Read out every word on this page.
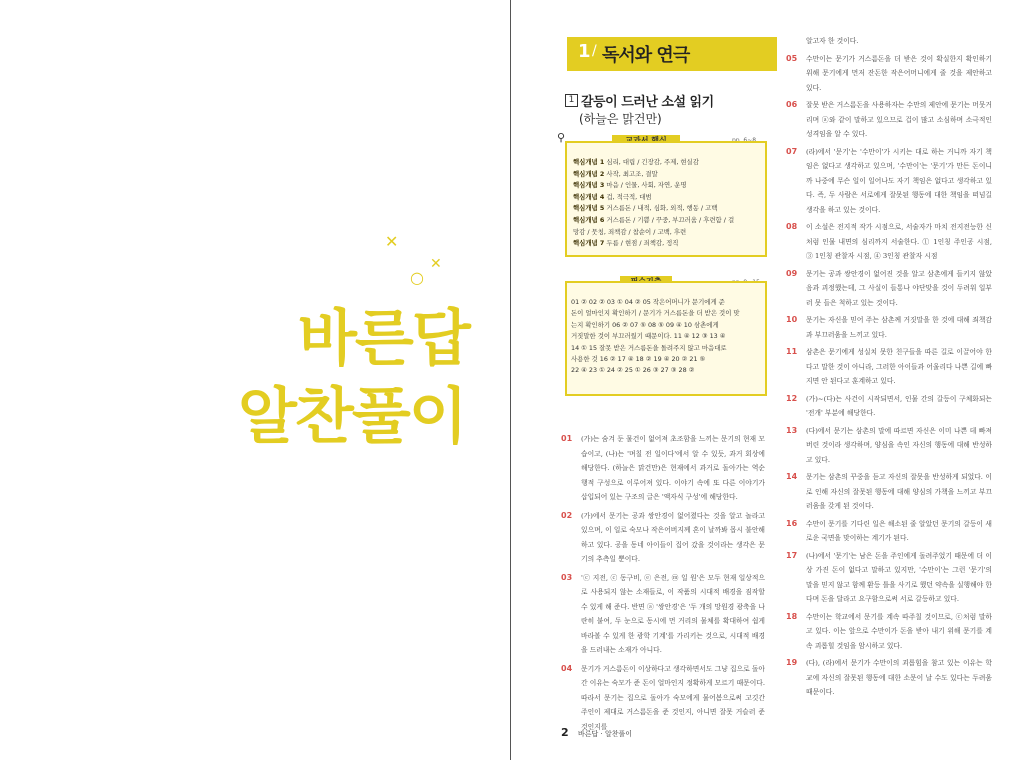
✕
✕
○
바른답
알찬풀이
1 / 독서와 연극
1 갈등이 드러난 소설 읽기
(하늘은 맑건만)
⚲
핵심개념 1 심리, 대립 / 긴장감, 주제, 현실감
핵심개념 2 사작, 최고조, 결말
핵심개념 3 마음 / 인물, 사회, 자연, 운명
핵심개념 4 겁, 적극적, 대범
핵심개념 5 거스름돈 / 내적, 심화, 외적, 행동 / 고백
핵심개념 6 거스름돈 / 기쁨 / 꾸중, 부끄러움 / 후련함 / 걸
망감 / 뭇칭, 죄책감 / 참순이 / 고백, 후련
핵심개념 7 두름 / 현점 / 죄책감, 정직
01 ② 02 ② 03 ① 04 ② 05 작은어머니가 문기에게 준
돈이 얼마인지 확인하기 / 문기가 거스름돈을 더 받은 것이 맞
는지 확인하기 06 ② 07 ⑤ 08 ⑤ 09 ④ 10 삼촌에게
거짓말한 것이 부끄러웠기 때문이다. 11 ④ 12 ③ 13 ④
14 ① 15 잘못 받은 거스름돈을 돌려주지 않고 마음대로
사용한 것 16 ② 17 ④ 18 ② 19 ④ 20 ② 21 ⑤
22 ④ 23 ① 24 ② 25 ① 26 ③ 27 ③ 28 ②
01 (가)는 숨겨 둔 물건이 없어져 초조함을 느끼는 문기의 현재 모습이고, (나)는 '며칠 전 일이다'에서 알 수 있듯, 과거 회상에 해당한다. (하늘은 맑건만)은 현재에서 과거로 돌아가는 역순행적 구성으로 이루어져 있다. 이야기 속에 또 다른 이야기가 삽입되어 있는 구조의 글은 '액자식 구성'에 해당한다.
02 (가)에서 문기는 공과 쌍안경이 없어졌다는 것을 알고 놀라고 있으며, 이 일로 숙모나 작은어버지께 혼이 날까봐 몹시 불안해하고 있다. 공을 동네 아이들이 집어 갔을 것이라는 생각은 문기의 추측일 뿐이다.
03 'ⓒ 지전, ⓒ 동구비, ⓔ 은전, ⓜ 일 원'은 모두 현재 일상적으로 사용되지 않는 소재들로, 이 작품의 시대적 배경을 짐작할 수 있게 해 준다. 반면 ⓐ '쌍안경'은 '두 개의 망원경 광축을 나란히 붙여, 두 눈으로 동시에 먼 거리의 물체를 확대하여 쉽게 바라볼 수 있게 한 광학 기계'를 가리키는 것으로, 시대적 배경을 드러내는 소재가 아니다.
04 문기가 거스름돈이 이상하다고 생각하면서도 그냥 집으로 돌아간 이유는 숙모가 준 돈이 얼마인지 정확하게 모르기 때문이다. 따라서 문기는 집으로 돌아가 숙모에게 물어봄으로써 고깃간 주인이 제대로 거스름돈을 준 것인지, 아니면 잘못 거슬러 준 것인지를
알고자 한 것이다.
05 수만이는 문기가 거스름돈을 더 받은 것이 확실한지 확인하기 위해 문기에게 먼저 잔돈한 작은어머니에게 줄 것을 제안하고 있다.
06 잘못 받은 거스름돈을 사용하자는 수만의 제안에 문기는 머뭇거리며 ⓐ와 같이 말하고 있으므로 겁이 많고 소심하며 소극적인 성격임을 알 수 있다.
07 (라)에서 '문기'는 '수만이'가 시키는 대로 하는 거니까 자기 책임은 없다고 생각하고 있으며, '수만이'는 '문기'가 만든 돈이니까 나중에 무슨 일이 일어나도 자기 책임은 없다고 생각하고 있다. 즉, 두 사람은 서로에게 잘못된 행동에 대한 책임을 떠넘길 생각을 하고 있는 것이다.
08 이 소설은 전지적 작가 시점으로, 서술자가 마치 전지전능한 신처럼 인물 내면의 심리까지 서술한다. ① 1인칭 주인공 시점, ③ 1인칭 관찰자 시점, ④ 3인칭 관찰자 시점
09 문기는 공과 쌍안경이 없어진 것을 알고 삼촌에게 들키지 않았음과 괴정했는데, 그 사실이 들통나 야단맞을 것이 두려워 일부러 못 들은 척하고 있는 것이다.
10 문기는 자신을 믿어 주는 삼촌께 거짓말을 한 것에 대해 죄책감과 부끄러움을 느끼고 있다.
11 삼촌은 문기에게 성실치 못한 친구들을 따른 길로 이끌어야 한다고 말한 것이 아니라, 그러한 아이들과 어울리다 나쁜 길에 빠지면 안 된다고 훈계하고 있다.
12 (가)~(다)는 사건이 시작되면서, 인물 간의 갈등이 구체화되는 '전개' 부분에 해당한다.
13 (다)에서 문기는 삼촌의 말에 따르면 자신은 이미 나쁜 데 빠져 버린 것이라 생각하며, 양심을 속인 자신의 행동에 대해 반성하고 있다.
14 문기는 삼촌의 꾸중을 듣고 자신의 잘못을 반성하게 되었다. 이로 인해 자신의 잘못된 행동에 대해 양심의 가책을 느끼고 부끄러움을 갖게 된 것이다.
16 수만이 문기를 기다린 일은 해소된 줄 알았던 문기의 갈등이 새로운 국면을 맞이하는 계기가 된다.
17 (나)에서 '문기'는 남은 돈을 주인에게 돌려주었기 때문에 더 이상 가진 돈이 없다고 말하고 있지만, '수만이'는 그런 '문기'의 말을 믿지 않고 함께 환등 틀을 사기로 했던 약속을 실행해야 한다며 돈을 달라고 요구함으로써 서로 갈등하고 있다.
18 수만이는 학교에서 문기를 계속 따주칠 것이므로, ⓒ처럼 말하고 있다. 이는 앞으로 수만이가 돈을 받아 내기 위해 문기를 계속 괴롭힐 것임을 암시하고 있다.
19 (다), (라)에서 문기가 수만이의 괴롭힘을 참고 있는 이유는 학교에 자신의 잘못된 행동에 대한 소문이 날 수도 있다는 두려움 때문이다.
2 바른답 · 알찬풀이
